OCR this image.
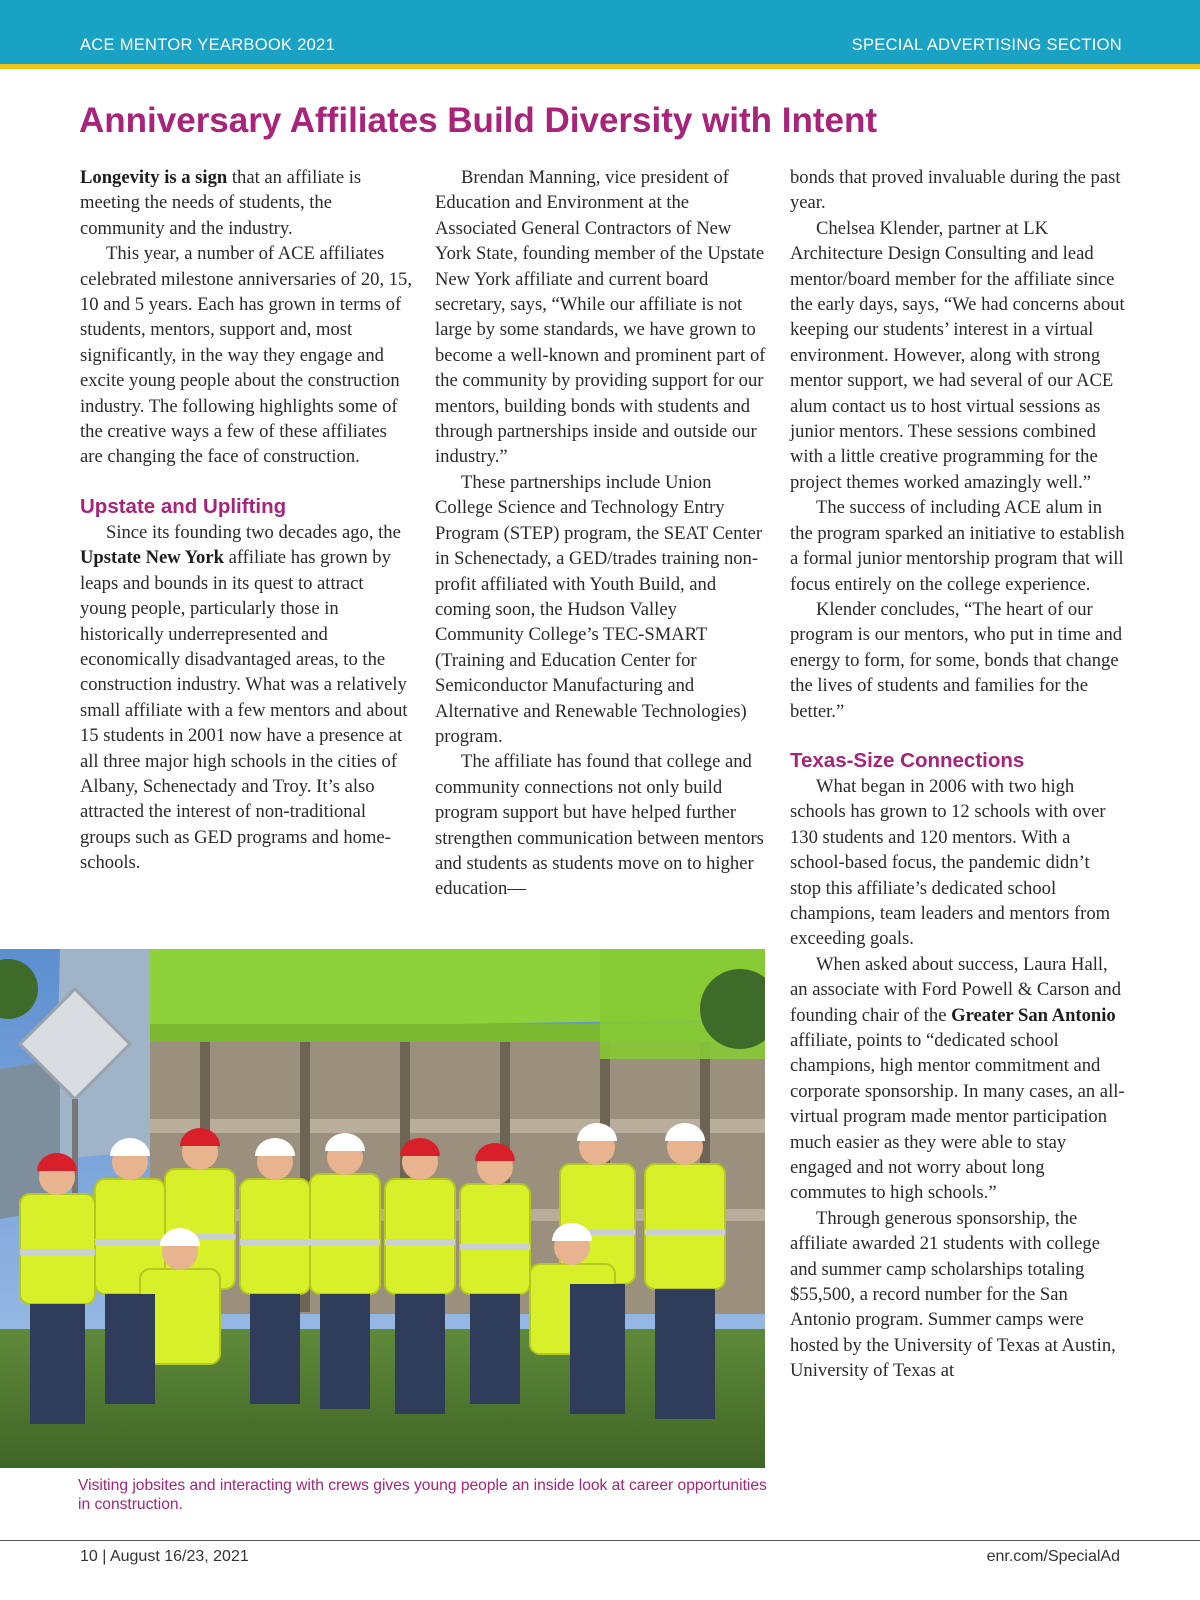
ACE MENTOR YEARBOOK 2021	SPECIAL ADVERTISING SECTION
Anniversary Affiliates Build Diversity with Intent

Longevity is a sign that an affiliate is meeting the needs of students, the community and the industry.

This year, a number of ACE affiliates celebrated milestone anniversaries of 20, 15, 10 and 5 years. Each has grown in terms of students, mentors, support and, most significantly, in the way they engage and excite young people about the construction industry. The following highlights some of the creative ways a few of these affiliates are changing the face of construction.

Upstate and Uplifting

Since its founding two decades ago, the Upstate New York affiliate has grown by leaps and bounds in its quest to attract young people, particularly those in historically underrepresented and economically disadvantaged areas, to the construction industry. What was a relatively small affiliate with a few mentors and about 15 students in 2001 now have a presence at all three major high schools in the cities of Albany, Schenectady and Troy. It’s also attracted the interest of non-traditional groups such as GED programs and home-schools.

Brendan Manning, vice president of Education and Environment at the Associated General Contractors of New York State, founding member of the Upstate New York affiliate and current board secretary, says, “While our affiliate is not large by some standards, we have grown to become a well-known and prominent part of the community by providing support for our mentors, building bonds with students and through partnerships inside and outside our industry.”

These partnerships include Union College Science and Technology Entry Program (STEP) program, the SEAT Center in Schenectady, a GED/trades training non-profit affiliated with Youth Build, and coming soon, the Hudson Valley Community College’s TEC-SMART (Training and Education Center for Semiconductor Manufacturing and Alternative and Renewable Technologies) program.

The affiliate has found that college and community connections not only build program support but have helped further strengthen communication between mentors and students as students move on to higher education—

bonds that proved invaluable during the past year.

Chelsea Klender, partner at LK Architecture Design Consulting and lead mentor/board member for the affiliate since the early days, says, “We had concerns about keeping our students’ interest in a virtual environment. However, along with strong mentor support, we had several of our ACE alum contact us to host virtual sessions as junior mentors. These sessions combined with a little creative programming for the project themes worked amazingly well.”

The success of including ACE alum in the program sparked an initiative to establish a formal junior mentorship program that will focus entirely on the college experience.

Klender concludes, “The heart of our program is our mentors, who put in time and energy to form, for some, bonds that change the lives of students and families for the better.”

Texas-Size Connections

What began in 2006 with two high schools has grown to 12 schools with over 130 students and 120 mentors. With a school-based focus, the pandemic didn’t stop this affiliate’s dedicated school champions, team leaders and mentors from exceeding goals.

When asked about success, Laura Hall, an associate with Ford Powell & Carson and founding chair of the Greater San Antonio affiliate, points to “dedicated school champions, high mentor commitment and corporate sponsorship. In many cases, an all-virtual program made mentor participation much easier as they were able to stay engaged and not worry about long commutes to high schools.”

Through generous sponsorship, the affiliate awarded 21 students with college and summer camp scholarships totaling $55,500, a record number for the San Antonio program. Summer camps were hosted by the University of Texas at Austin, University of Texas at

Visiting jobsites and interacting with crews gives young people an inside look at career opportunities in construction.
10 | August 16/23, 2021	enr.com/SpecialAd
